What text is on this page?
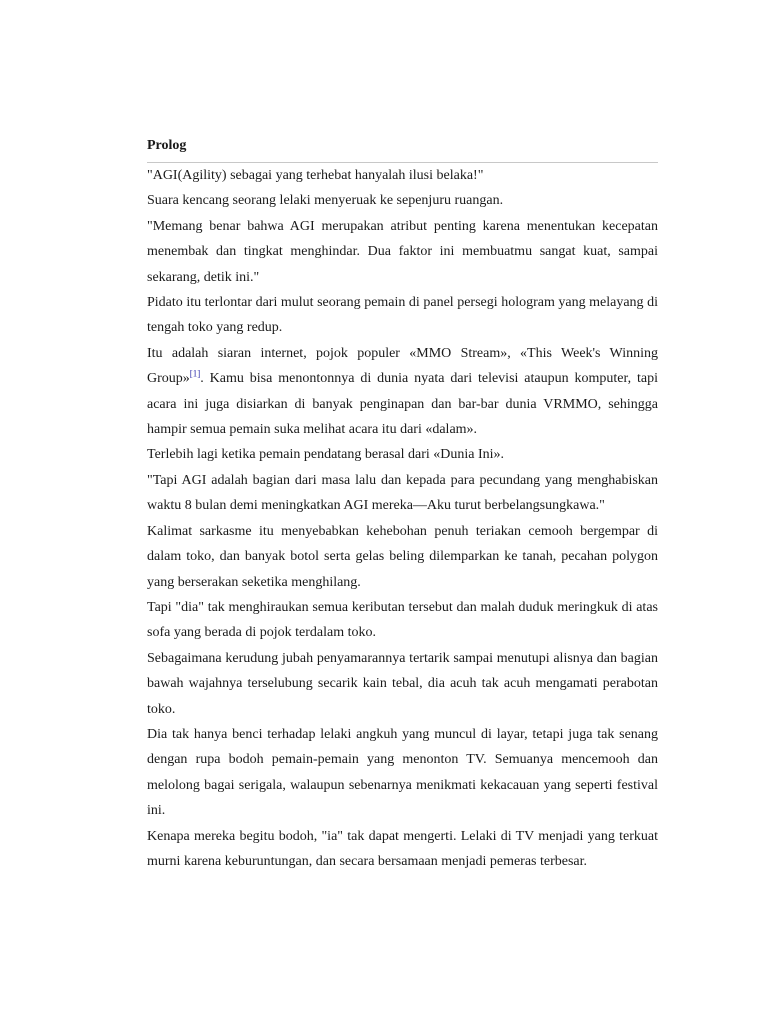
Prolog

"AGI(Agility) sebagai yang terhebat hanyalah ilusi belaka!"

Suara kencang seorang lelaki menyeruak ke sepenjuru ruangan.

"Memang benar bahwa AGI merupakan atribut penting karena menentukan kecepatan menembak dan tingkat menghindar. Dua faktor ini membuatmu sangat kuat, sampai sekarang, detik ini."

Pidato itu terlontar dari mulut seorang pemain di panel persegi hologram yang melayang di tengah toko yang redup.

Itu adalah siaran internet, pojok populer «MMO Stream», «This Week's Winning Group»[1]. Kamu bisa menontonnya di dunia nyata dari televisi ataupun komputer, tapi acara ini juga disiarkan di banyak penginapan dan bar-bar dunia VRMMO, sehingga hampir semua pemain suka melihat acara itu dari «dalam».

Terlebih lagi ketika pemain pendatang berasal dari «Dunia Ini».

"Tapi AGI adalah bagian dari masa lalu dan kepada para pecundang yang menghabiskan waktu 8 bulan demi meningkatkan AGI mereka—Aku turut berbelangsungkawa."

Kalimat sarkasme itu menyebabkan kehebohan penuh teriakan cemooh bergempar di dalam toko, dan banyak botol serta gelas beling dilemparkan ke tanah, pecahan polygon yang berserakan seketika menghilang.

Tapi "dia" tak menghiraukan semua keributan tersebut dan malah duduk meringkuk di atas sofa yang berada di pojok terdalam toko.

Sebagaimana kerudung jubah penyamarannya tertarik sampai menutupi alisnya dan bagian bawah wajahnya terselubung secarik kain tebal, dia acuh tak acuh mengamati perabotan toko.

Dia tak hanya benci terhadap lelaki angkuh yang muncul di layar, tetapi juga tak senang dengan rupa bodoh pemain-pemain yang menonton TV. Semuanya mencemooh dan melolong bagai serigala, walaupun sebenarnya menikmati kekacauan yang seperti festival ini.

Kenapa mereka begitu bodoh, "ia" tak dapat mengerti. Lelaki di TV menjadi yang terkuat murni karena keburuntungan, dan secara bersamaan menjadi pemeras terbesar.
